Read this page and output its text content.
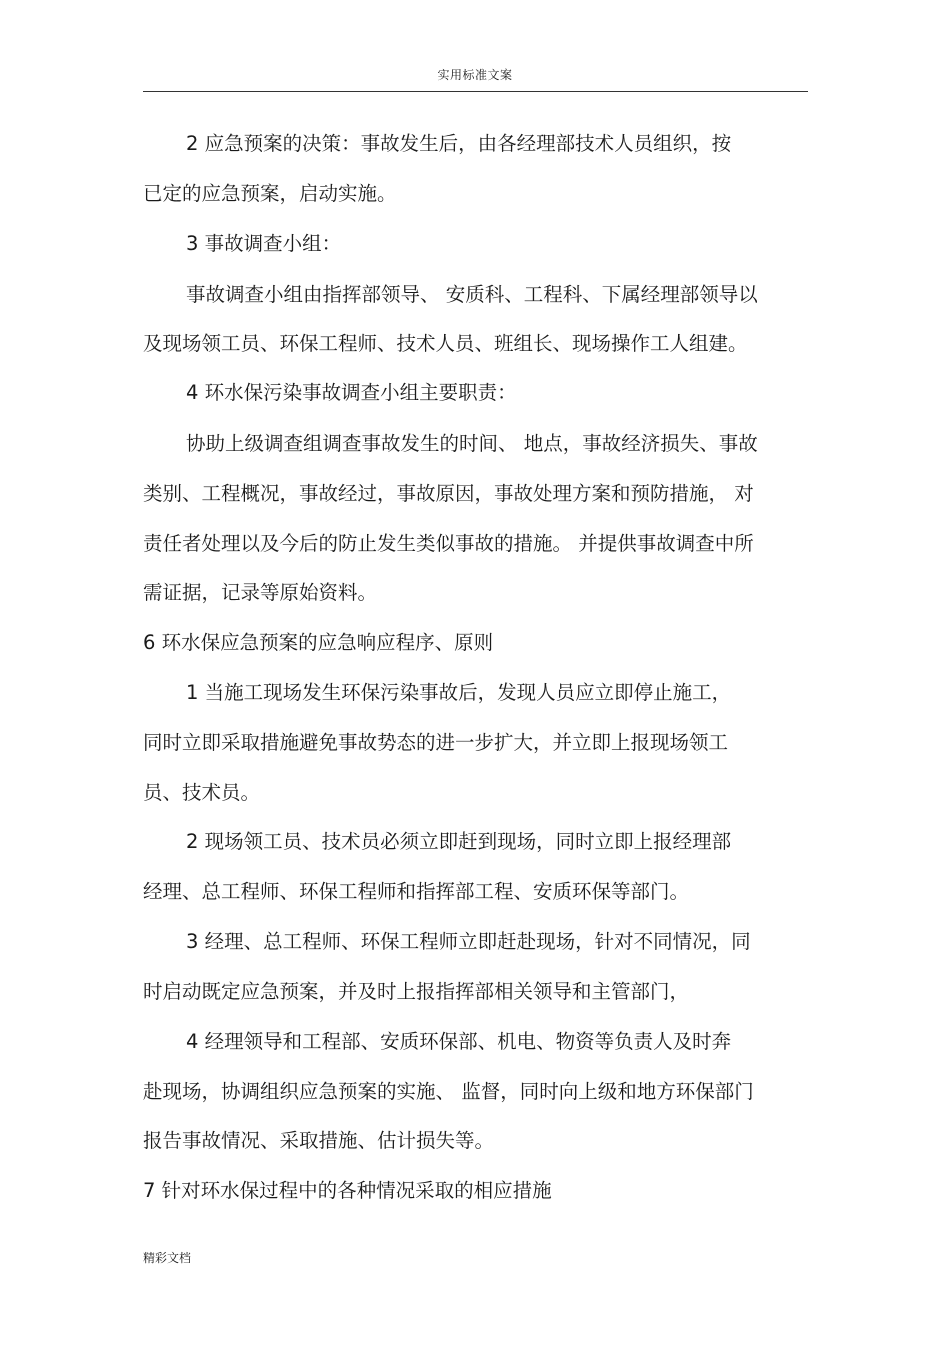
实用标准文案
2 应急预案的决策：事故发生后，由各经理部技术人员组织，按
已定的应急预案，启动实施。
3 事故调查小组：
事故调查小组由指挥部领导、 安质科、工程科、下属经理部领导以
及现场领工员、环保工程师、技术人员、班组长、现场操作工人组建。
4 环水保污染事故调查小组主要职责：
协助上级调查组调查事故发生的时间、 地点，事故经济损失、事故
类别、工程概况，事故经过，事故原因，事故处理方案和预防措施， 对
责任者处理以及今后的防止发生类似事故的措施。 并提供事故调查中所
需证据，记录等原始资料。
6 环水保应急预案的应急响应程序、原则
1 当施工现场发生环保污染事故后，发现人员应立即停止施工，
同时立即采取措施避免事故势态的进一步扩大，并立即上报现场领工
员、技术员。
2 现场领工员、技术员必须立即赶到现场，同时立即上报经理部
经理、总工程师、环保工程师和指挥部工程、安质环保等部门。
3 经理、总工程师、环保工程师立即赶赴现场，针对不同情况，同
时启动既定应急预案，并及时上报指挥部相关领导和主管部门，
4 经理领导和工程部、安质环保部、机电、物资等负责人及时奔
赴现场，协调组织应急预案的实施、 监督，同时向上级和地方环保部门
报告事故情况、采取措施、估计损失等。
7 针对环水保过程中的各种情况采取的相应措施
精彩文档
